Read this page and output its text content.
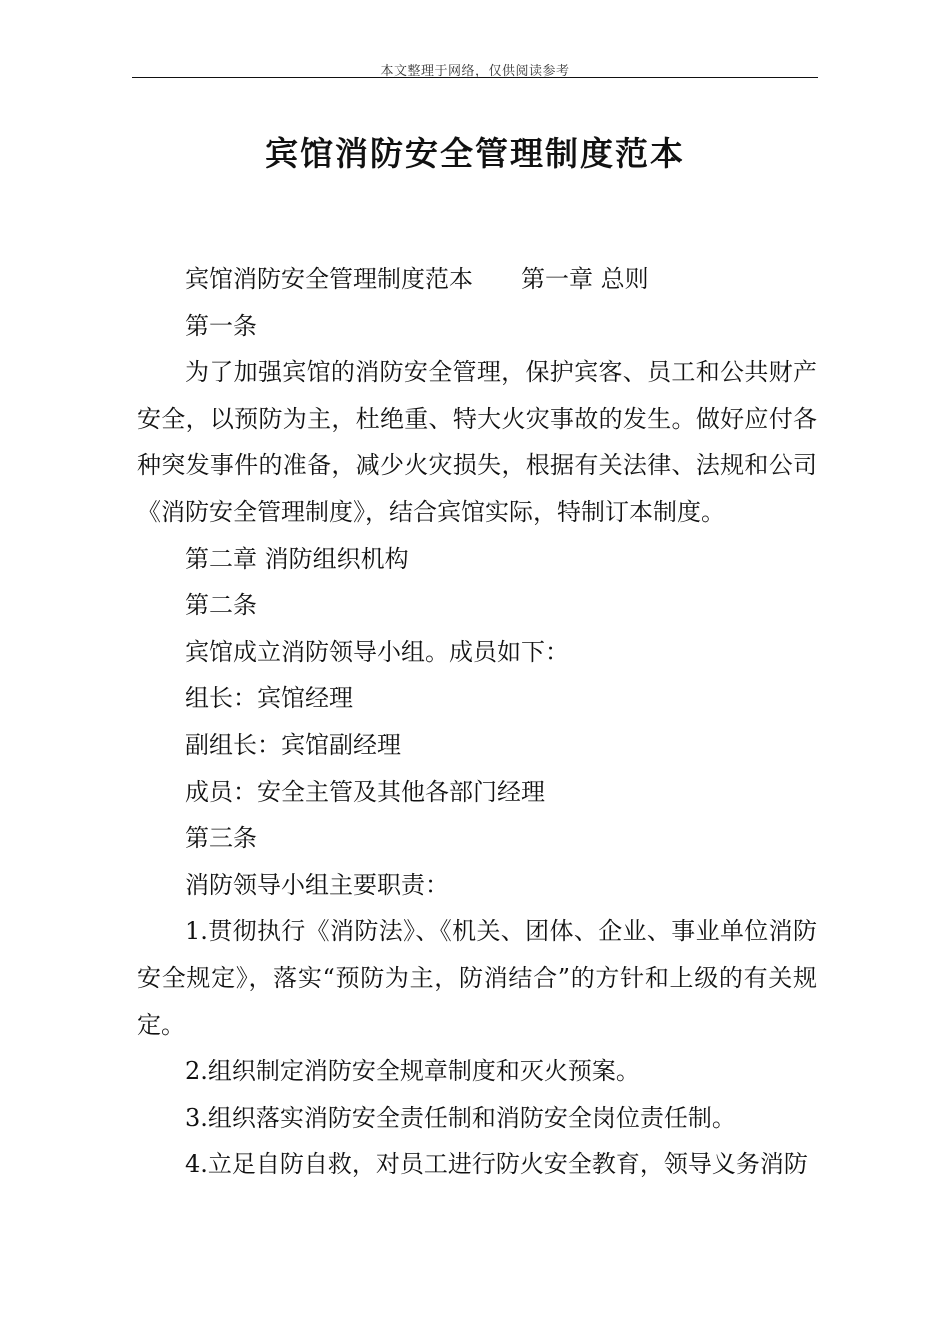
本文整理于网络，仅供阅读参考
宾馆消防安全管理制度范本

宾馆消防安全管理制度范本 第一章 总则

第一条

为了加强宾馆的消防安全管理，保护宾客、员工和公共财产安全，以预防为主，杜绝重、特大火灾事故的发生。做好应付各种突发事件的准备，减少火灾损失，根据有关法律、法规和公司《消防安全管理制度》，结合宾馆实际，特制订本制度。

第二章 消防组织机构

第二条

宾馆成立消防领导小组。成员如下：

组长：宾馆经理

副组长：宾馆副经理

成员：安全主管及其他各部门经理

第三条

消防领导小组主要职责：

1.贯彻执行《消防法》、《机关、团体、企业、事业单位消防安全规定》，落实“预防为主，防消结合”的方针和上级的有关规定。

2.组织制定消防安全规章制度和灭火预案。

3.组织落实消防安全责任制和消防安全岗位责任制。

4.立足自防自救，对员工进行防火安全教育，领导义务消防
